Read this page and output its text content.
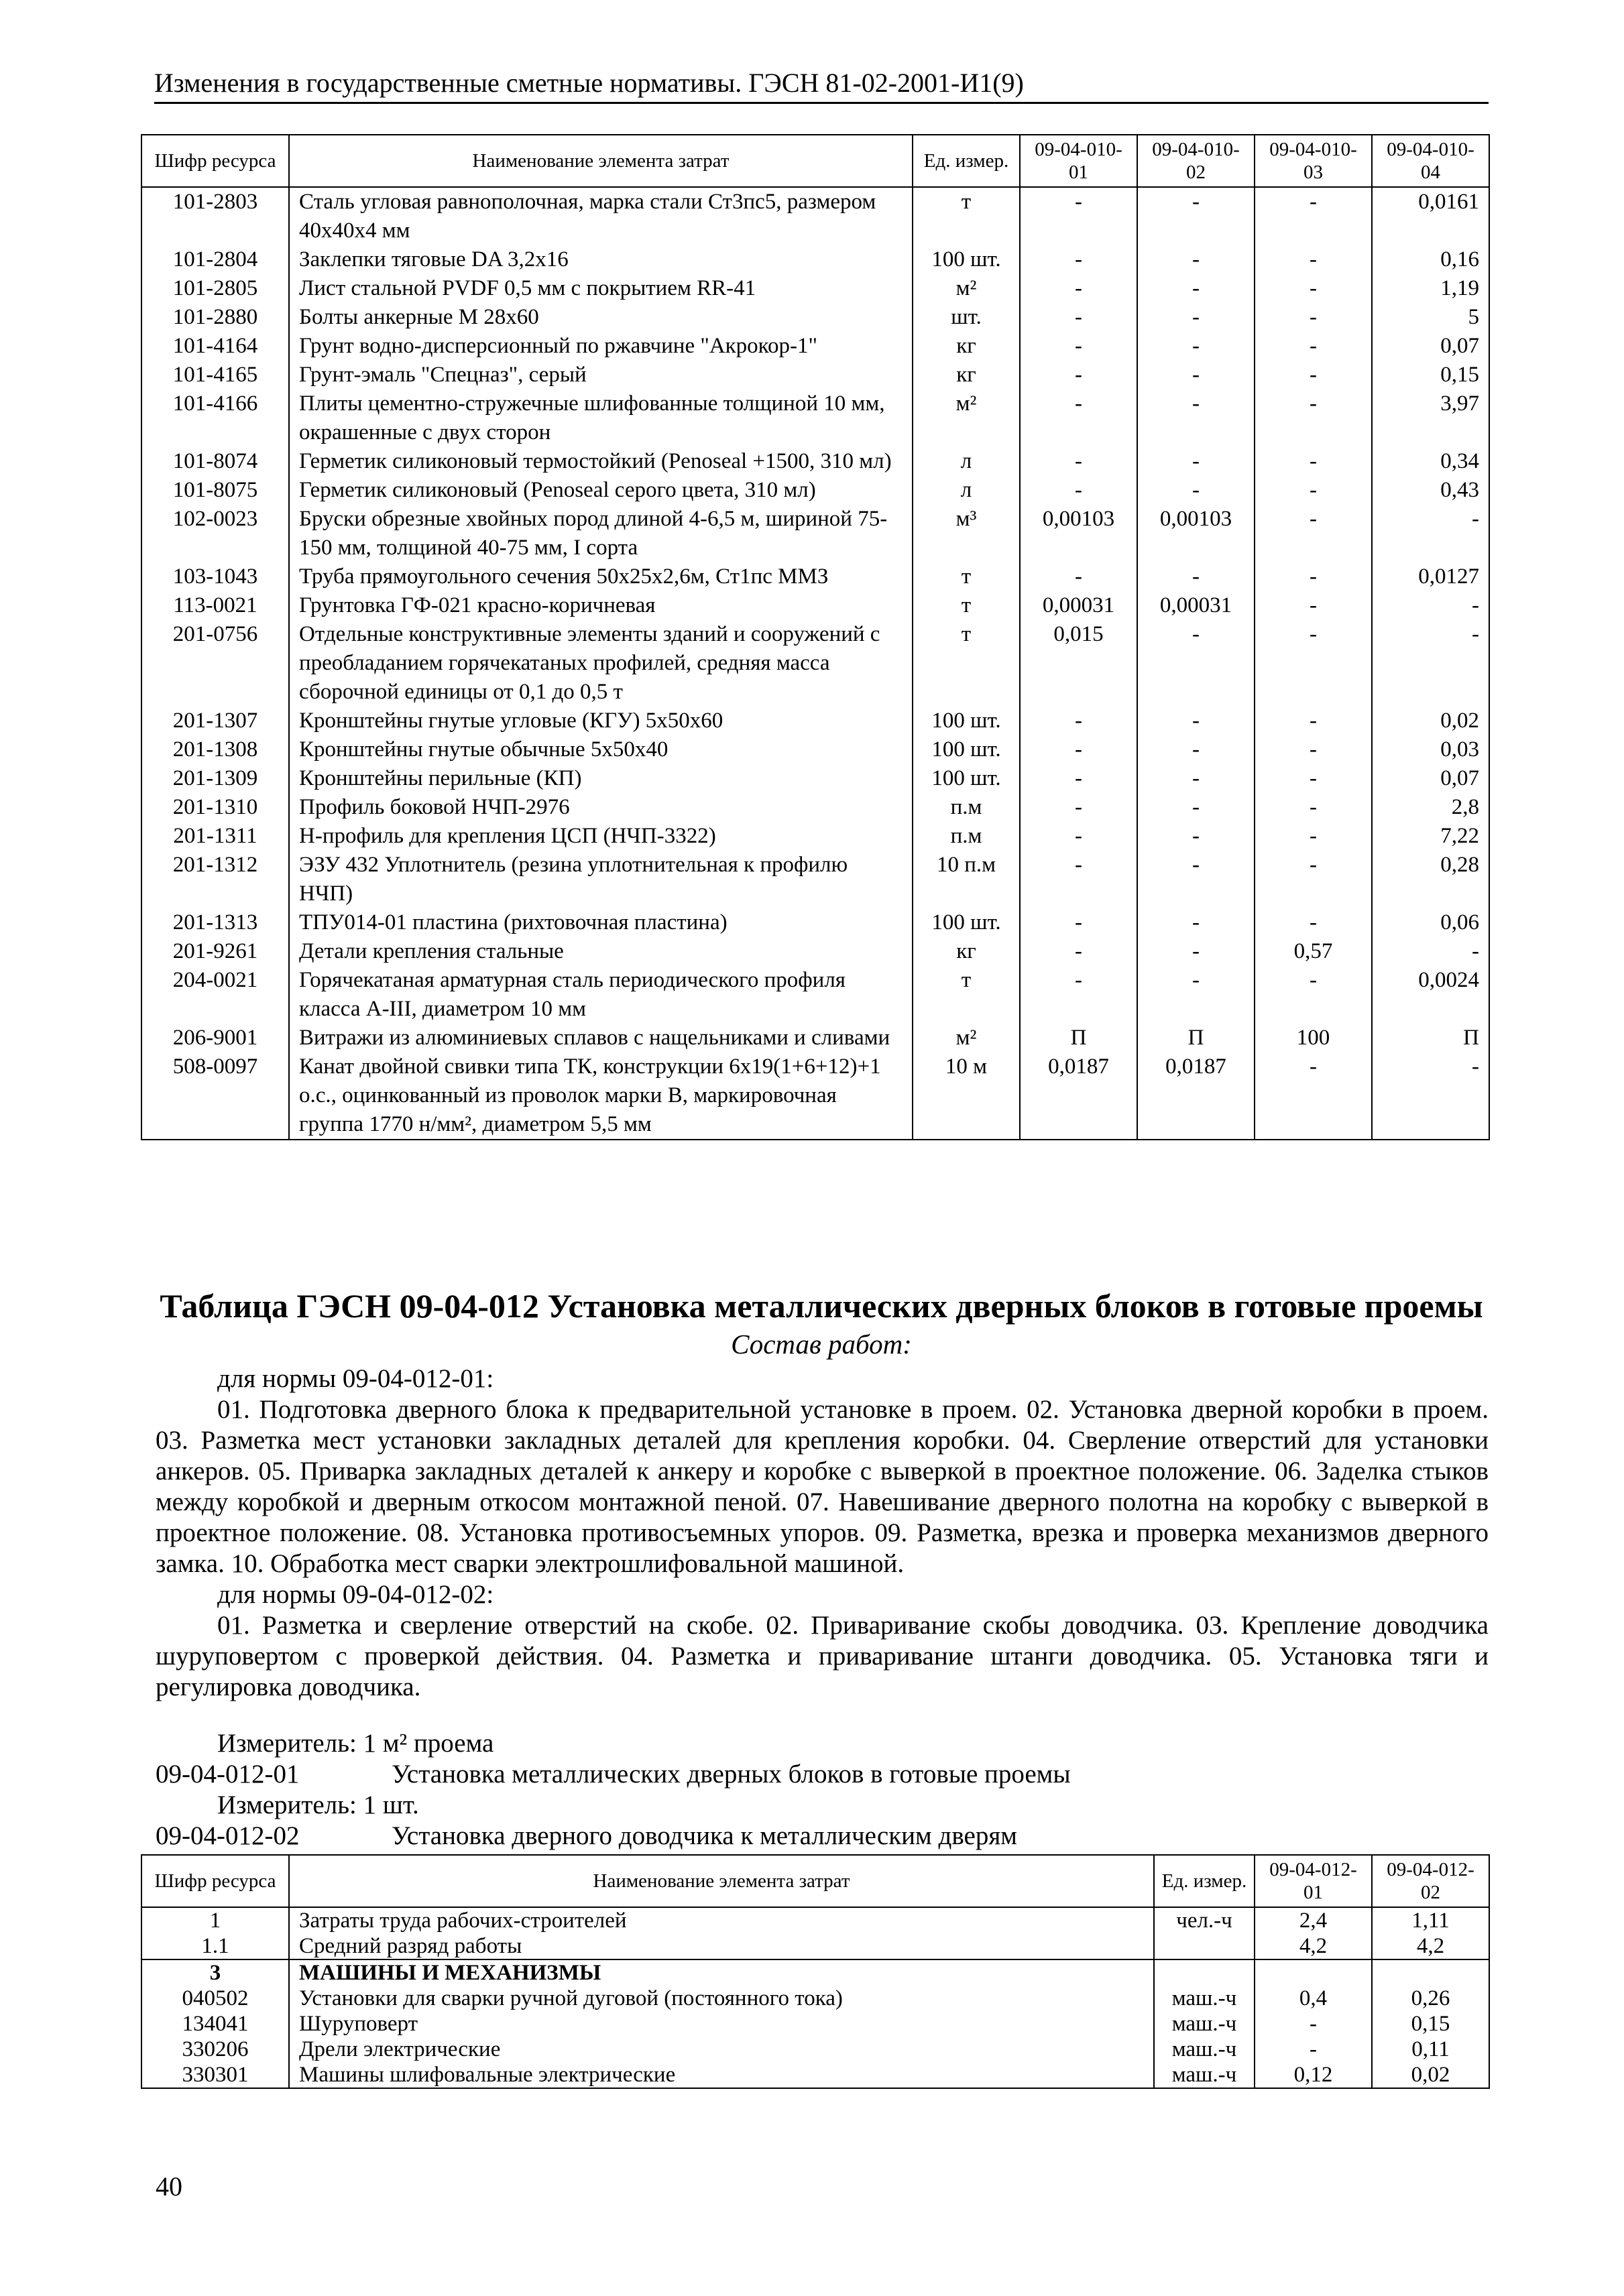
Изменения в государственные сметные нормативы. ГЭСН 81-02-2001-И1(9)
Шифр ресурса	Наименование элемента затрат	Ед. измер.	09-04-010-01	09-04-010-02	09-04-010-03	09-04-010-04
101-2803	Сталь угловая равнополочная, марка стали Ст3пс5, размером 40х40х4 мм	т	-	-	-	0,0161
101-2804	Заклепки тяговые DA 3,2х16	100 шт.	-	-	-	0,16
101-2805	Лист стальной PVDF 0,5 мм с покрытием RR-41	м²	-	-	-	1,19
101-2880	Болты анкерные М 28х60	шт.	-	-	-	5
101-4164	Грунт водно-дисперсионный по ржавчине "Акрокор-1"	кг	-	-	-	0,07
101-4165	Грунт-эмаль "Спецназ", серый	кг	-	-	-	0,15
101-4166	Плиты цементно-стружечные шлифованные толщиной 10 мм, окрашенные с двух сторон	м²	-	-	-	3,97
101-8074	Герметик силиконовый термостойкий (Penoseal +1500, 310 мл)	л	-	-	-	0,34
101-8075	Герметик силиконовый (Penoseal серого цвета, 310 мл)	л	-	-	-	0,43
102-0023	Бруски обрезные хвойных пород длиной 4-6,5 м, шириной 75-150 мм, толщиной 40-75 мм, I сорта	м³	0,00103	0,00103	-	-
103-1043	Труба прямоугольного сечения 50х25х2,6м, Ст1пс ММЗ	т	-	-	-	0,0127
113-0021	Грунтовка ГФ-021 красно-коричневая	т	0,00031	0,00031	-	-
201-0756	Отдельные конструктивные элементы зданий и сооружений с преобладанием горячекатаных профилей, средняя масса сборочной единицы от 0,1 до 0,5 т	т	0,015	-	-	-
201-1307	Кронштейны гнутые угловые (КГУ) 5х50х60	100 шт.	-	-	-	0,02
201-1308	Кронштейны гнутые обычные 5х50х40	100 шт.	-	-	-	0,03
201-1309	Кронштейны перильные (КП)	100 шт.	-	-	-	0,07
201-1310	Профиль боковой НЧП-2976	п.м	-	-	-	2,8
201-1311	Н-профиль для крепления ЦСП (НЧП-3322)	п.м	-	-	-	7,22
201-1312	ЭЗУ 432 Уплотнитель (резина уплотнительная к профилю НЧП)	10 п.м	-	-	-	0,28
201-1313	ТПУ014-01 пластина (рихтовочная пластина)	100 шт.	-	-	-	0,06
201-9261	Детали крепления стальные	кг	-	-	0,57	-
204-0021	Горячекатаная арматурная сталь периодического профиля класса А-III, диаметром 10 мм	т	-	-	-	0,0024
206-9001	Витражи из алюминиевых сплавов с нащельниками и сливами	м²	П	П	100	П
508-0097	Канат двойной свивки типа ТК, конструкции 6х19(1+6+12)+1 о.с., оцинкованный из проволок марки В, маркировочная группа 1770 н/мм², диаметром 5,5 мм	10 м	0,0187	0,0187	-	-
Таблица ГЭСН 09-04-012 Установка металлических дверных блоков в готовые проемы
Состав работ:
для нормы 09-04-012-01:
01. Подготовка дверного блока к предварительной установке в проем. 02. Установка дверной коробки в проем. 03. Разметка мест установки закладных деталей для крепления коробки. 04. Сверление отверстий для установки анкеров. 05. Приварка закладных деталей к анкеру и коробке с выверкой в проектное положение. 06. Заделка стыков между коробкой и дверным откосом монтажной пеной. 07. Навешивание дверного полотна на коробку с выверкой в проектное положение. 08. Установка противосъемных упоров. 09. Разметка, врезка и проверка механизмов дверного замка. 10. Обработка мест сварки электрошлифовальной машиной.
для нормы 09-04-012-02:
01. Разметка и сверление отверстий на скобе. 02. Приваривание скобы доводчика. 03. Крепление доводчика шуруповертом с проверкой действия. 04. Разметка и приваривание штанги доводчика. 05. Установка тяги и регулировка доводчика.
Измеритель: 1 м² проема
09-04-012-01	Установка металлических дверных блоков в готовые проемы
Измеритель: 1 шт.
09-04-012-02	Установка дверного доводчика к металлическим дверям
Шифр ресурса	Наименование элемента затрат	Ед. измер.	09-04-012-01	09-04-012-02
1	Затраты труда рабочих-строителей	чел.-ч	2,4	1,11
1.1	Средний разряд работы		4,2	4,2
3	МАШИНЫ И МЕХАНИЗМЫ			
040502	Установки для сварки ручной дуговой (постоянного тока)	маш.-ч	0,4	0,26
134041	Шуруповерт	маш.-ч	-	0,15
330206	Дрели электрические	маш.-ч	-	0,11
330301	Машины шлифовальные электрические	маш.-ч	0,12	0,02
40
